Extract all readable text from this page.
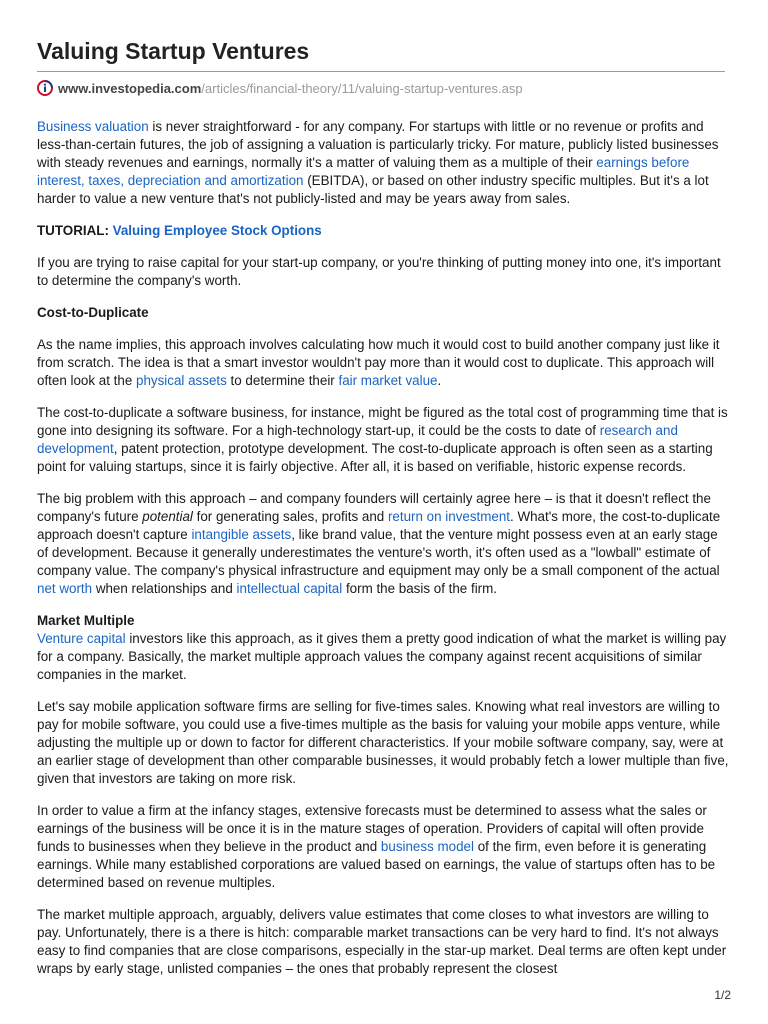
Valuing Startup Ventures
www.investopedia.com /articles/financial-theory/11/valuing-startup-ventures.asp

Business valuation is never straightforward - for any company. For startups with little or no revenue or profits and less-than-certain futures, the job of assigning a valuation is particularly tricky. For mature, publicly listed businesses with steady revenues and earnings, normally it's a matter of valuing them as a multiple of their earnings before interest, taxes, depreciation and amortization (EBITDA), or based on other industry specific multiples. But it's a lot harder to value a new venture that's not publicly-listed and may be years away from sales.

TUTORIAL: Valuing Employee Stock Options

If you are trying to raise capital for your start-up company, or you're thinking of putting money into one, it's important to determine the company's worth.

Cost-to-Duplicate

As the name implies, this approach involves calculating how much it would cost to build another company just like it from scratch. The idea is that a smart investor wouldn't pay more than it would cost to duplicate. This approach will often look at the physical assets to determine their fair market value.

The cost-to-duplicate a software business, for instance, might be figured as the total cost of programming time that is gone into designing its software. For a high-technology start-up, it could be the costs to date of research and development, patent protection, prototype development. The cost-to-duplicate approach is often seen as a starting point for valuing startups, since it is fairly objective. After all, it is based on verifiable, historic expense records.

The big problem with this approach – and company founders will certainly agree here – is that it doesn't reflect the company's future potential for generating sales, profits and return on investment. What's more, the cost-to-duplicate approach doesn't capture intangible assets, like brand value, that the venture might possess even at an early stage of development. Because it generally underestimates the venture's worth, it's often used as a "lowball" estimate of company value. The company's physical infrastructure and equipment may only be a small component of the actual net worth when relationships and intellectual capital form the basis of the firm.

Market Multiple

Venture capital investors like this approach, as it gives them a pretty good indication of what the market is willing pay for a company. Basically, the market multiple approach values the company against recent acquisitions of similar companies in the market.

Let's say mobile application software firms are selling for five-times sales. Knowing what real investors are willing to pay for mobile software, you could use a five-times multiple as the basis for valuing your mobile apps venture, while adjusting the multiple up or down to factor for different characteristics. If your mobile software company, say, were at an earlier stage of development than other comparable businesses, it would probably fetch a lower multiple than five, given that investors are taking on more risk.

In order to value a firm at the infancy stages, extensive forecasts must be determined to assess what the sales or earnings of the business will be once it is in the mature stages of operation. Providers of capital will often provide funds to businesses when they believe in the product and business model of the firm, even before it is generating earnings. While many established corporations are valued based on earnings, the value of startups often has to be determined based on revenue multiples.

The market multiple approach, arguably, delivers value estimates that come closes to what investors are willing to pay. Unfortunately, there is a there is hitch: comparable market transactions can be very hard to find. It's not always easy to find companies that are close comparisons, especially in the star-up market. Deal terms are often kept under wraps by early stage, unlisted companies – the ones that probably represent the closest

1/2
